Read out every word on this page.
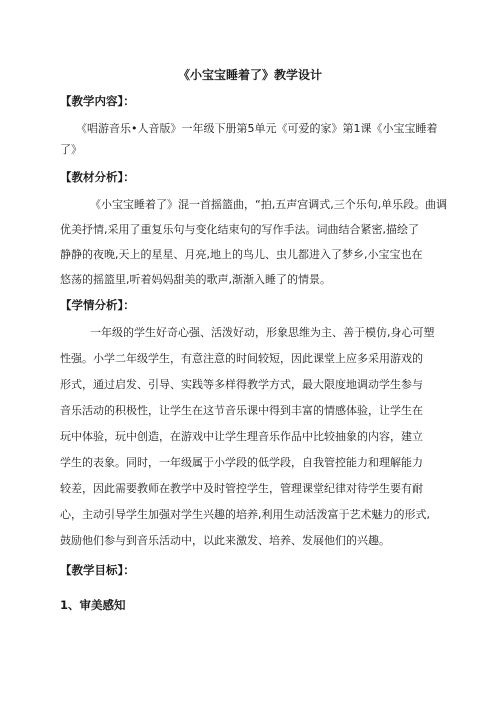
《小宝宝睡着了》教学设计
【教学内容】：
《唱游音乐•人音版》一年级下册第5单元《可爱的家》第1课《小宝宝睡着
了》
【教材分析】：
《小宝宝睡着了》混一首摇篮曲，“拍,五声宫调式,三个乐句,单乐段。曲调
优美抒情,采用了重复乐句与变化结束句的写作手法。词曲结合紧密,描绘了
静静的夜晚,天上的星星、月亮,地上的鸟儿、虫儿都进入了梦乡,小宝宝也在
悠荡的摇篮里,听着妈妈甜美的歌声,渐渐入睡了的情景。
【学情分析】：
一年级的学生好奇心强、活泼好动，形象思维为主、善于模仿,身心可塑
性强。小学二年级学生，有意注意的时间较短，因此课堂上应多采用游戏的
形式，通过启发、引导、实践等多样得教学方式，最大限度地调动学生参与
音乐活动的积极性，让学生在这节音乐课中得到丰富的情感体验，让学生在
玩中体验，玩中创造，在游戏中让学生理音乐作品中比较抽象的内容，建立
学生的表象。同时，一年级属于小学段的低学段，自我管控能力和理解能力
较差，因此需要教师在教学中及时管控学生，管理课堂纪律对待学生要有耐
心，主动引导学生加强对学生兴趣的培养,利用生动活泼富于艺术魅力的形式,
鼓励他们参与到音乐活动中，以此来激发、培养、发展他们的兴趣。
【教学目标】：
1、审美感知
